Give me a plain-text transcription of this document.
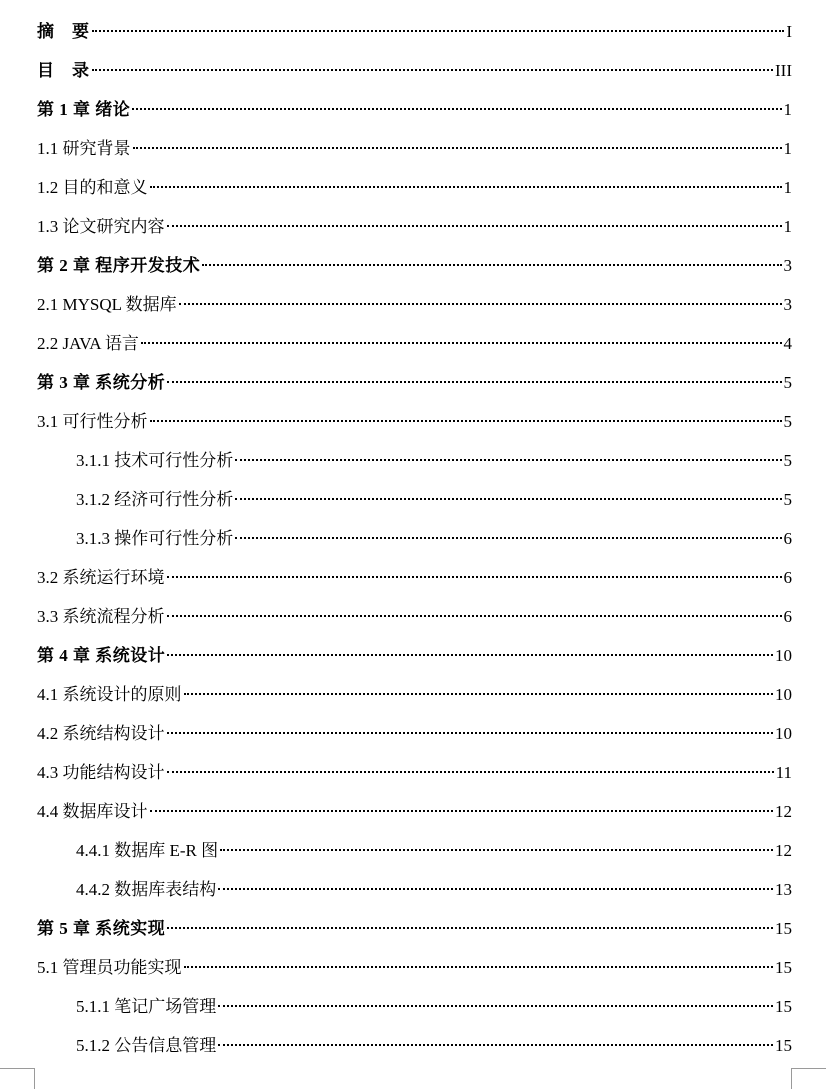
摘　要	I
目　录	III
第 1 章 绪论	1
1.1 研究背景	1
1.2 目的和意义	1
1.3 论文研究内容	1
第 2 章 程序开发技术	3
2.1 MYSQL 数据库	3
2.2 JAVA 语言	4
第 3 章 系统分析	5
3.1 可行性分析	5
3.1.1 技术可行性分析	5
3.1.2 经济可行性分析	5
3.1.3 操作可行性分析	6
3.2 系统运行环境	6
3.3 系统流程分析	6
第 4 章 系统设计	10
4.1 系统设计的原则	10
4.2 系统结构设计	10
4.3 功能结构设计	11
4.4 数据库设计	12
4.4.1 数据库 E-R 图	12
4.4.2 数据库表结构	13
第 5 章 系统实现	15
5.1 管理员功能实现	15
5.1.1 笔记广场管理	15
5.1.2 公告信息管理	15
